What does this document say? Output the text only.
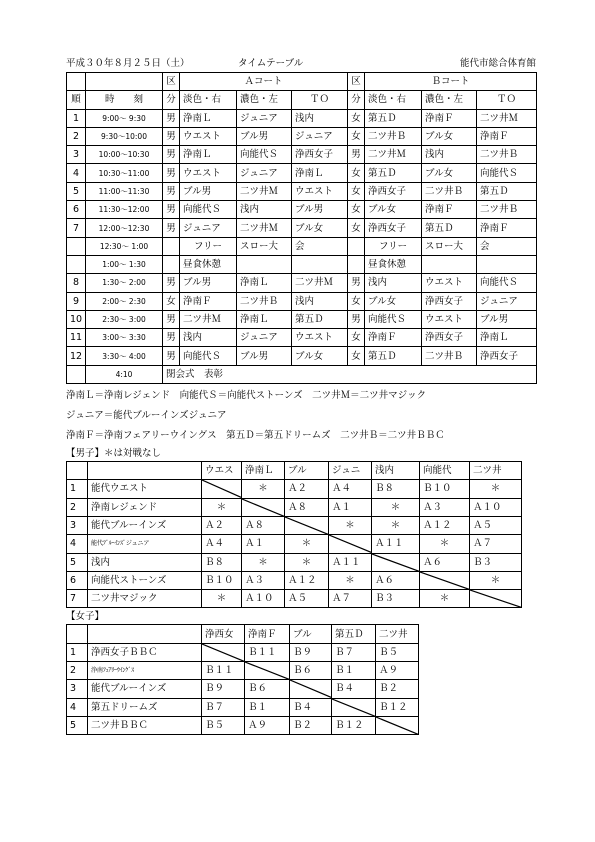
平成３０年８月２５日（土）	タイムテーブル	能代市総合体育館
		区	Ａコート			区	Ｂコート		
順	時　　刻	分	淡色・右	濃色・左	ＴＯ	分	淡色・右	濃色・左	ＴＯ
1	9:00～ 9:30	男	浄南Ｌ	ジュニア	浅内	女	第五Ｄ	浄南Ｆ	二ツ井Ｍ
2	9:30～10:00	男	ウエスト	ブル男	ジュニア	女	二ツ井Ｂ	ブル女	浄南Ｆ
3	10:00～10:30	男	浄南Ｌ	向能代Ｓ	浄西女子	男	二ツ井Ｍ	浅内	二ツ井Ｂ
4	10:30～11:00	男	ウエスト	ジュニア	浄南Ｌ	女	第五Ｄ	ブル女	向能代Ｓ
5	11:00～11:30	男	ブル男	二ツ井Ｍ	ウエスト	女	浄西女子	二ツ井Ｂ	第五Ｄ
6	11:30～12:00	男	向能代Ｓ	浅内	ブル男	女	ブル女	浄南Ｆ	二ツ井Ｂ
7	12:00～12:30	男	ジュニア	二ツ井Ｍ	ブル女	女	浄西女子	第五Ｄ	浄南Ｆ
	12:30～ 1:00		フリー	スロー大	会		フリー	スロー大	会
	1:00～ 1:30		昼食休憩				昼食休憩		
8	1:30～ 2:00	男	ブル男	浄南Ｌ	二ツ井Ｍ	男	浅内	ウエスト	向能代Ｓ
9	2:00～ 2:30	女	浄南Ｆ	二ツ井Ｂ	浅内	女	ブル女	浄西女子	ジュニア
10	2:30～ 3:00	男	二ツ井Ｍ	浄南Ｌ	第五Ｄ	男	向能代Ｓ	ウエスト	ブル男
11	3:00～ 3:30	男	浅内	ジュニア	ウエスト	女	浄南Ｆ	浄西女子	浄南Ｌ
12	3:30～ 4:00	男	向能代Ｓ	ブル男	ブル女	女	第五Ｄ	二ツ井Ｂ	浄西女子
	4:10	閉会式　表彰							
浄南Ｌ＝浄南レジェンド　向能代Ｓ＝向能代ストーンズ　二ツ井Ｍ＝二ツ井マジック
ジュニア＝能代ブルーインズジュニア
浄南Ｆ＝浄南フェアリーウイングス　第五Ｄ＝第五ドリームズ　二ツ井Ｂ＝二ツ井ＢＢＣ
【男子】＊は対戦なし
		ウエス	浄南Ｌ	ブル	ジュニ	浅内	向能代	二ツ井
1	能代ウエスト		＊	Ａ２	Ａ４	Ｂ８	Ｂ１０	＊
2	浄南レジェンド	＊		Ａ８	Ａ１	＊	Ａ３	Ａ１０
3	能代ブルーインズ	Ａ２	Ａ８		＊	＊	Ａ１２	Ａ５
4	能代ﾌﾞﾙｰｲﾝｽﾞジュニア	Ａ４	Ａ１	＊		Ａ１１	＊	Ａ７
5	浅内	Ｂ８	＊	＊	Ａ１１		Ａ６	Ｂ３
6	向能代ストーンズ	Ｂ１０	Ａ３	Ａ１２	＊	Ａ６		＊
7	二ツ井マジック	＊	Ａ１０	Ａ５	Ａ７	Ｂ３	＊	
【女子】
		浄西女	浄南Ｆ	ブル	第五Ｄ	二ツ井
1	浄西女子ＢＢＣ		Ｂ１１	Ｂ９	Ｂ７	Ｂ５
2	浄南ﾌｪｱﾘｰｳｲﾝｸﾞｽ	Ｂ１１		Ｂ６	Ｂ１	Ａ９
3	能代ブルーインズ	Ｂ９	Ｂ６		Ｂ４	Ｂ２
4	第五ドリームズ	Ｂ７	Ｂ１	Ｂ４		Ｂ１２
5	二ツ井ＢＢＣ	Ｂ５	Ａ９	Ｂ２	Ｂ１２	
